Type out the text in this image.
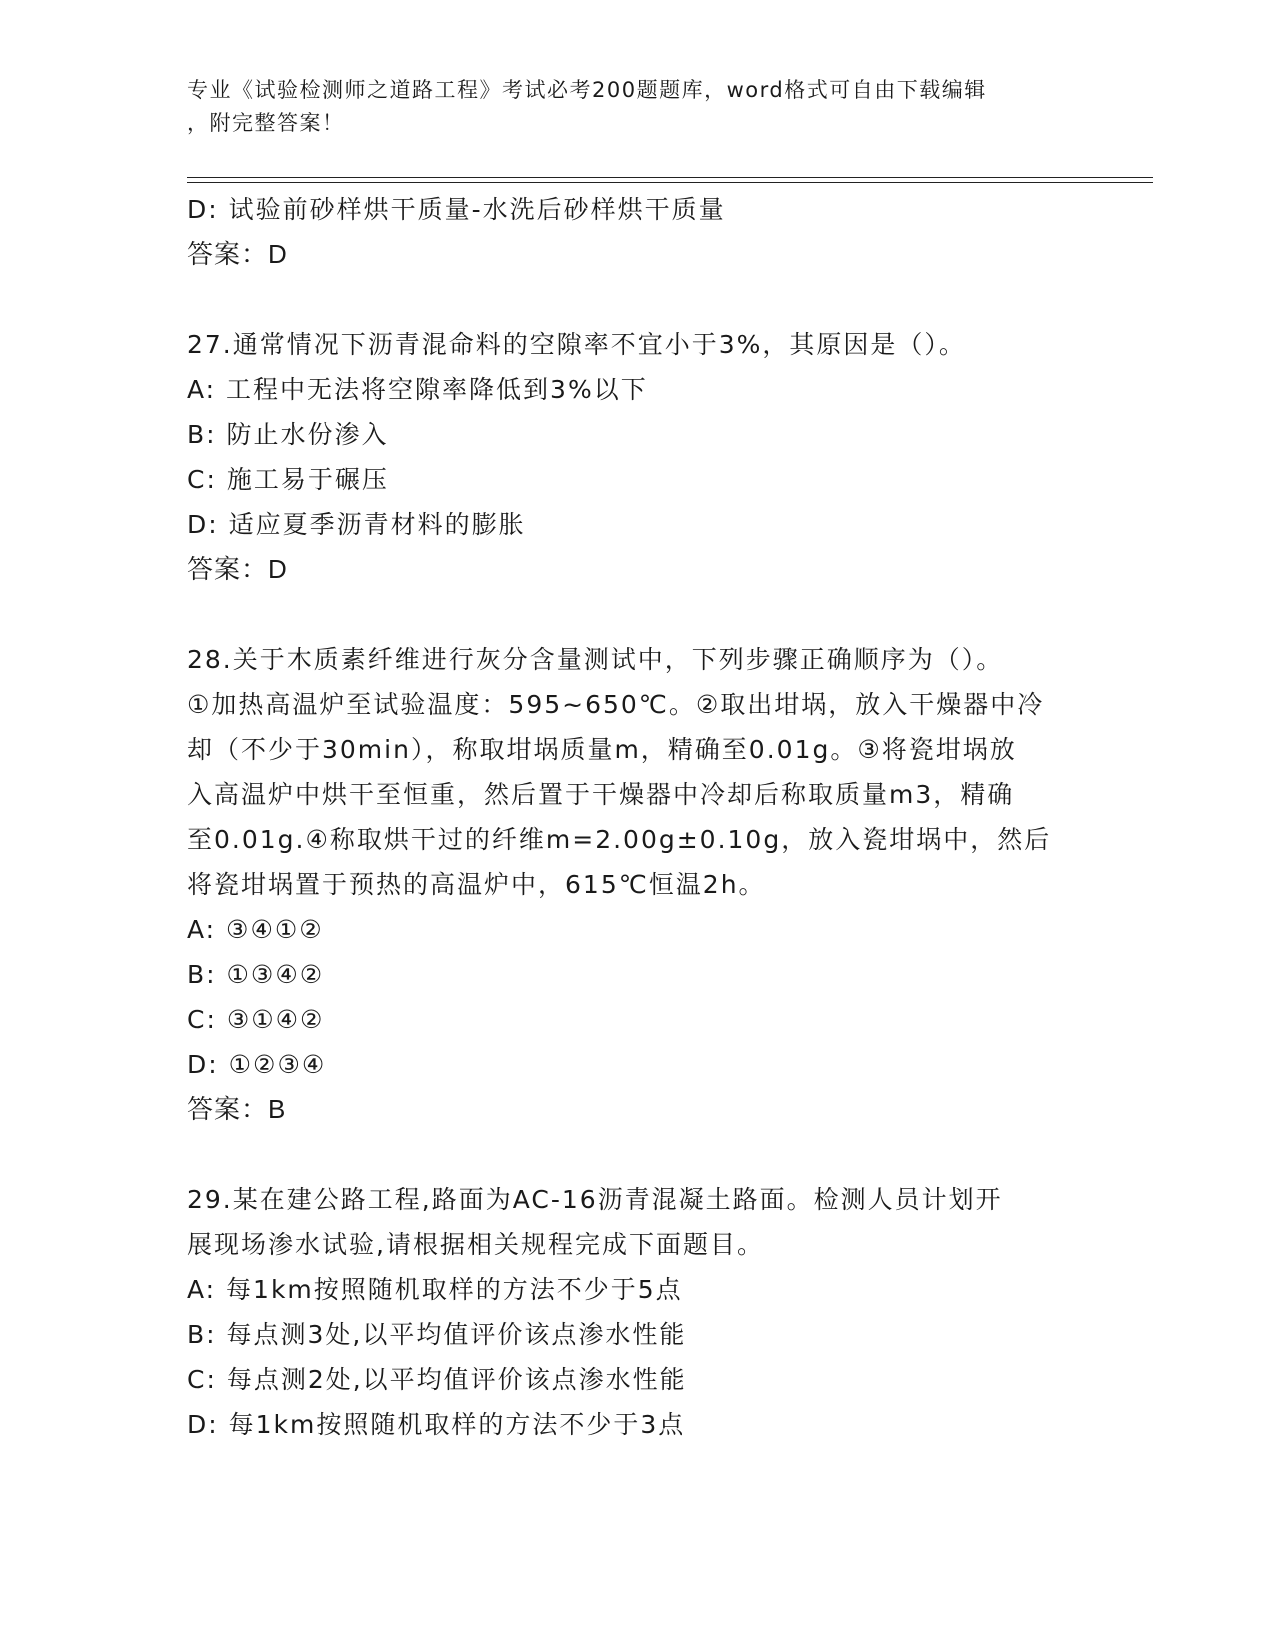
专业《试验检测师之道路工程》考试必考200题题库，word格式可自由下载编辑
，附完整答案！
D: 试验前砂样烘干质量-水洗后砂样烘干质量
答案：D
27.通常情况下沥青混命料的空隙率不宜小于3%，其原因是（）。
A: 工程中无法将空隙率降低到3%以下
B: 防止水份渗入
C: 施工易于碾压
D: 适应夏季沥青材料的膨胀
答案：D
28.关于木质素纤维进行灰分含量测试中，下列步骤正确顺序为（）。
①加热高温炉至试验温度：595~650℃。②取出坩埚，放入干燥器中冷
却（不少于30min），称取坩埚质量m，精确至0.01g。③将瓷坩埚放
入高温炉中烘干至恒重，然后置于干燥器中冷却后称取质量m3，精确
至0.01g.④称取烘干过的纤维m=2.00g±0.10g，放入瓷坩埚中，然后
将瓷坩埚置于预热的高温炉中，615℃恒温2h。
A: ③④①②
B: ①③④②
C: ③①④②
D: ①②③④
答案：B
29.某在建公路工程,路面为AC-16沥青混凝土路面。检测人员计划开
展现场渗水试验,请根据相关规程完成下面题目。
A: 每1km按照随机取样的方法不少于5点
B: 每点测3处,以平均值评价该点渗水性能
C: 每点测2处,以平均值评价该点渗水性能
D: 每1km按照随机取样的方法不少于3点
